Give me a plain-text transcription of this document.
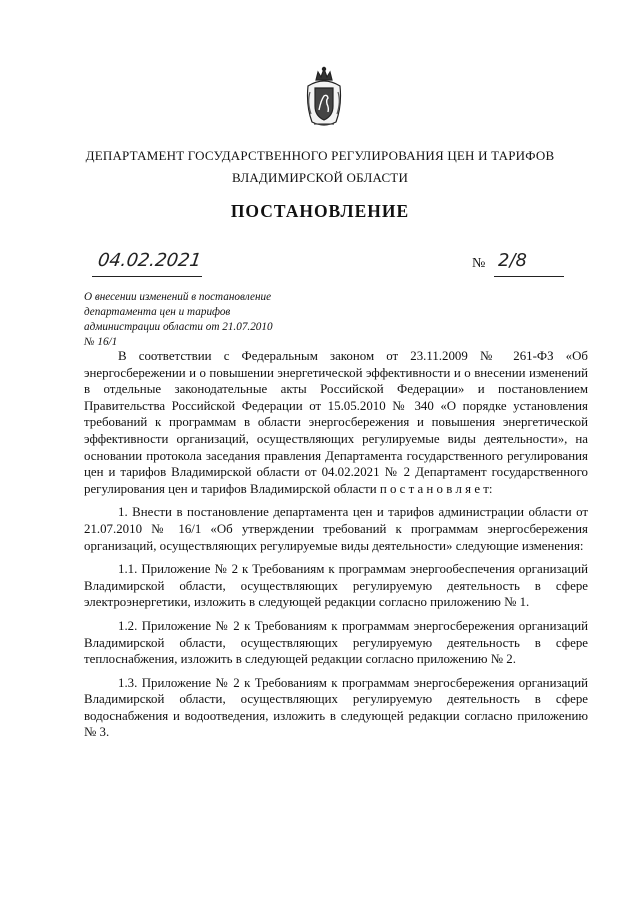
ДЕПАРТАМЕНТ ГОСУДАРСТВЕННОГО РЕГУЛИРОВАНИЯ ЦЕН И ТАРИФОВ
ВЛАДИМИРСКОЙ ОБЛАСТИ
ПОСТАНОВЛЕНИЕ
04.02.2021	№ 2/8
О внесении изменений в постановление департамента цен и тарифов администрации области от 21.07.2010 № 16/1

В соответствии с Федеральным законом от 23.11.2009 № 261-ФЗ «Об энергосбережении и о повышении энергетической эффективности и о внесении изменений в отдельные законодательные акты Российской Федерации» и постановлением Правительства Российской Федерации от 15.05.2010 № 340 «О порядке установления требований к программам в области энергосбережения и повышения энергетической эффективности организаций, осуществляющих регулируемые виды деятельности», на основании протокола заседания правления Департамента государственного регулирования цен и тарифов Владимирской области от 04.02.2021 № 2 Департамент государственного регулирования цен и тарифов Владимирской области п о с т а н о в л я е т:

1. Внести в постановление департамента цен и тарифов администрации области от 21.07.2010 № 16/1 «Об утверждении требований к программам энергосбережения организаций, осуществляющих регулируемые виды деятельности» следующие изменения:

1.1. Приложение № 2 к Требованиям к программам энергообеспечения организаций Владимирской области, осуществляющих регулируемую деятельность в сфере электроэнергетики, изложить в следующей редакции согласно приложению № 1.

1.2. Приложение № 2 к Требованиям к программам энергосбережения организаций Владимирской области, осуществляющих регулируемую деятельность в сфере теплоснабжения, изложить в следующей редакции согласно приложению № 2.

1.3. Приложение № 2 к Требованиям к программам энергосбережения организаций Владимирской области, осуществляющих регулируемую деятельность в сфере водоснабжения и водоотведения, изложить в следующей редакции согласно приложению № 3.
